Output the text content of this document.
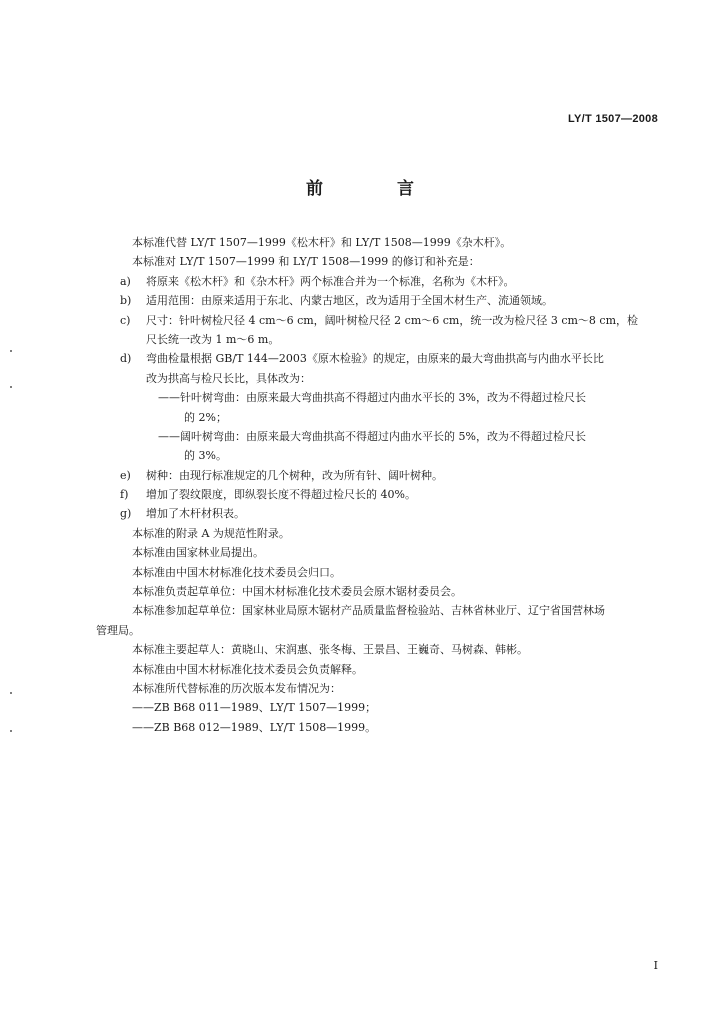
LY/T 1507—2008
前 言
本标准代替 LY/T 1507—1999《松木杆》和 LY/T 1508—1999《杂木杆》。
本标准对 LY/T 1507—1999 和 LY/T 1508—1999 的修订和补充是：
a)	将原来《松木杆》和《杂木杆》两个标准合并为一个标准，名称为《木杆》。
b)	适用范围：由原来适用于东北、内蒙古地区，改为适用于全国木材生产、流通领域。
c)	尺寸：针叶树检尺径 4 cm～6 cm，阔叶树检尺径 2 cm～6 cm，统一改为检尺径 3 cm～8 cm，检
尺长统一改为 1 m～6 m。
d)	弯曲检量根据 GB/T 144—2003《原木检验》的规定，由原来的最大弯曲拱高与内曲水平长比
改为拱高与检尺长比，具体改为：
——针叶树弯曲：由原来最大弯曲拱高不得超过内曲水平长的 3%，改为不得超过检尺长
的 2%；
——阔叶树弯曲：由原来最大弯曲拱高不得超过内曲水平长的 5%，改为不得超过检尺长
的 3%。
e)	树种：由现行标准规定的几个树种，改为所有针、阔叶树种。
f)	增加了裂纹限度，即纵裂长度不得超过检尺长的 40%。
g)	增加了木杆材积表。
本标准的附录 A 为规范性附录。
本标准由国家林业局提出。
本标准由中国木材标准化技术委员会归口。
本标准负责起草单位：中国木材标准化技术委员会原木锯材委员会。
本标准参加起草单位：国家林业局原木锯材产品质量监督检验站、吉林省林业厅、辽宁省国营林场
管理局。
本标准主要起草人：黄晓山、宋润惠、张冬梅、王景昌、王巍奇、马树森、韩彬。
本标准由中国木材标准化技术委员会负责解释。
本标准所代替标准的历次版本发布情况为：
——ZB B68 011—1989、LY/T 1507—1999；
——ZB B68 012—1989、LY/T 1508—1999。
I
